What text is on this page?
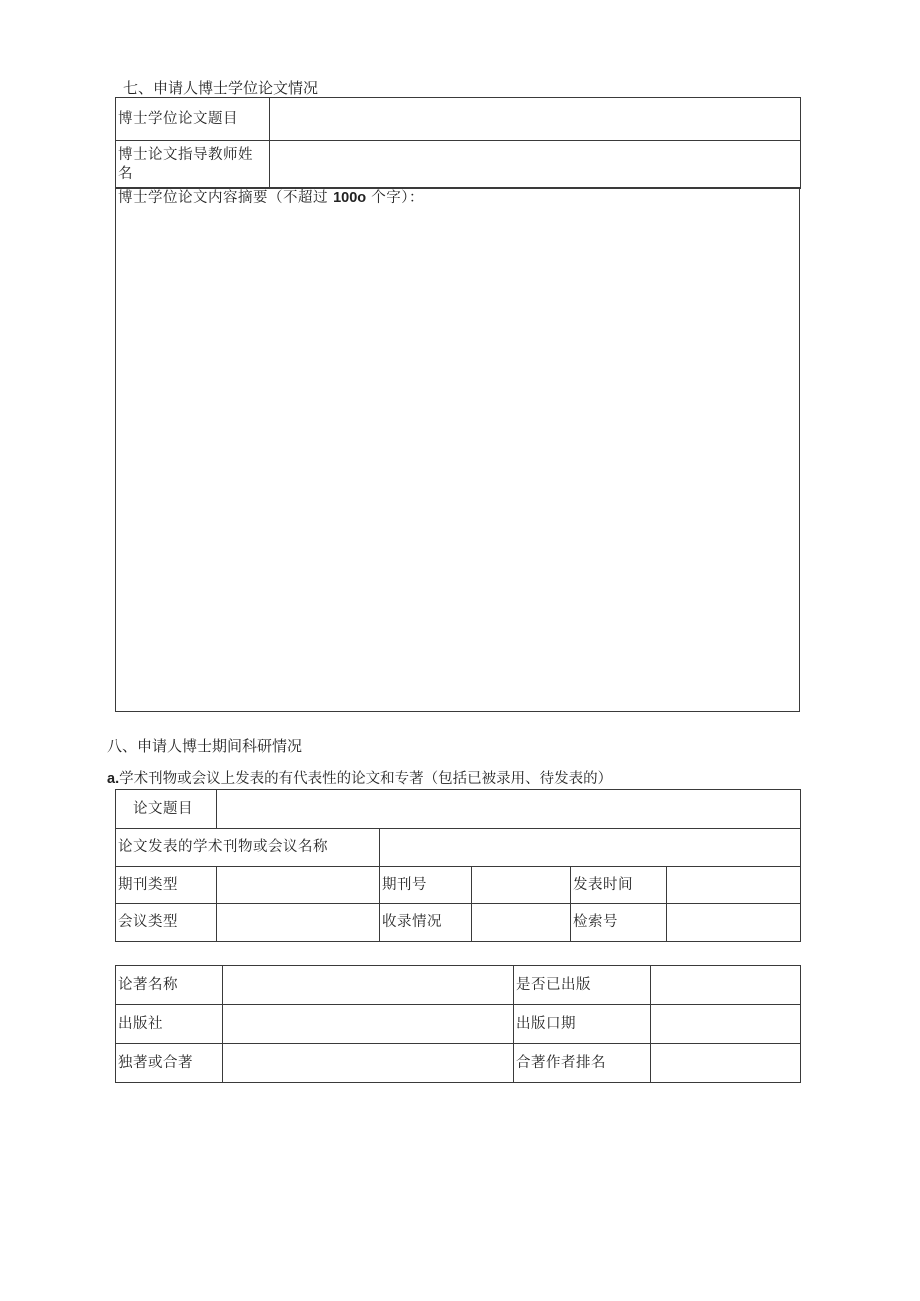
七、申请人博士学位论文情况
博士学位论文题目	

博士论文指导教师姓
名	

博士学位论文内容摘要（不超过 100o 个字）：
八、申请人博士期间科研情况
a.学术刊物或会议上发表的有代表性的论文和专著（包括已被录用、待发表的）
论文题目					
论文发表的学术刊物或会议名称					
期刊类型		期刊号		发表时间	
会议类型		收录情况		检索号	
论著名称		是否已出版	
出版社		出版口期	
独著或合著		合著作者排名	
